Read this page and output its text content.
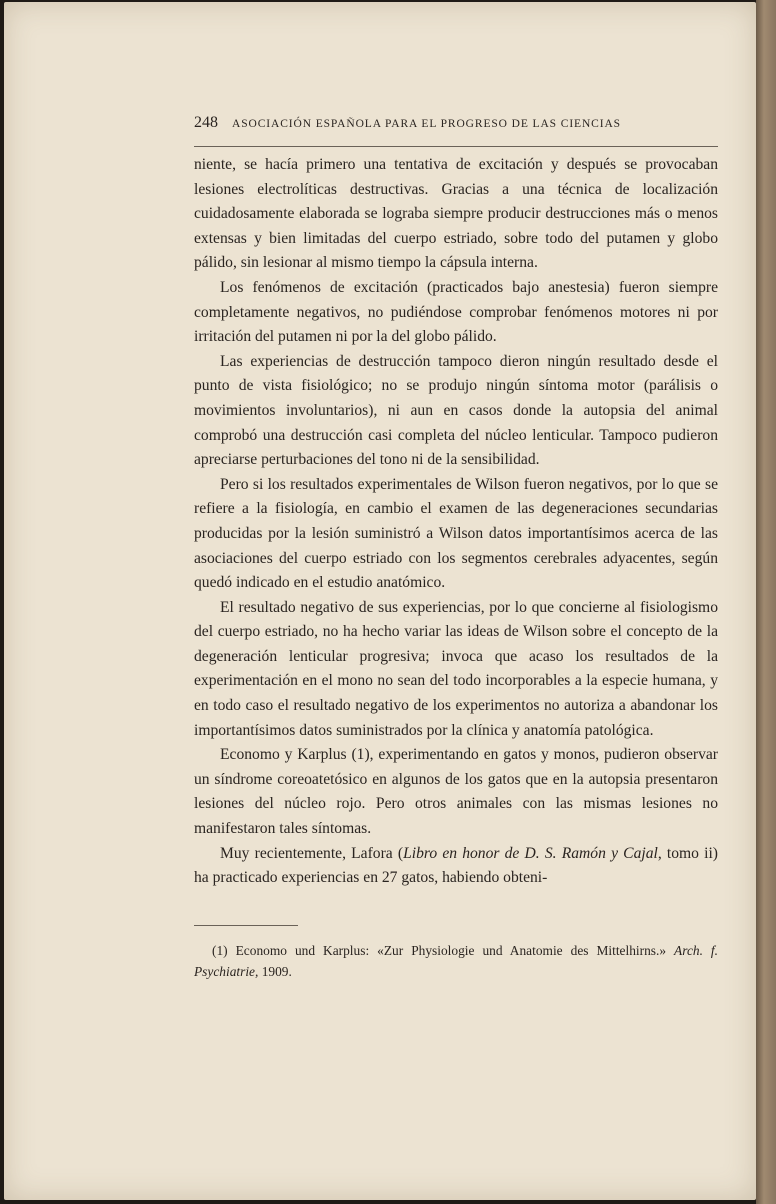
248 ASOCIACIÓN ESPAÑOLA PARA EL PROGRESO DE LAS CIENCIAS

niente, se hacía primero una tentativa de excitación y después se provocaban lesiones electrolíticas destructivas. Gracias a una técnica de localización cuidadosamente elaborada se lograba siempre producir destrucciones más o menos extensas y bien limitadas del cuerpo estriado, sobre todo del putamen y globo pálido, sin lesionar al mismo tiempo la cápsula interna.

Los fenómenos de excitación (practicados bajo anestesia) fueron siempre completamente negativos, no pudiéndose comprobar fenómenos motores ni por irritación del putamen ni por la del globo pálido.

Las experiencias de destrucción tampoco dieron ningún resultado desde el punto de vista fisiológico; no se produjo ningún síntoma motor (parálisis o movimientos involuntarios), ni aun en casos donde la autopsia del animal comprobó una destrucción casi completa del núcleo lenticular. Tampoco pudieron apreciarse perturbaciones del tono ni de la sensibilidad.

Pero si los resultados experimentales de Wilson fueron negativos, por lo que se refiere a la fisiología, en cambio el examen de las degeneraciones secundarias producidas por la lesión suministró a Wilson datos importantísimos acerca de las asociaciones del cuerpo estriado con los segmentos cerebrales adyacentes, según quedó indicado en el estudio anatómico.

El resultado negativo de sus experiencias, por lo que concierne al fisiologismo del cuerpo estriado, no ha hecho variar las ideas de Wilson sobre el concepto de la degeneración lenticular progresiva; invoca que acaso los resultados de la experimentación en el mono no sean del todo incorporables a la especie humana, y en todo caso el resultado negativo de los experimentos no autoriza a abandonar los importantísimos datos suministrados por la clínica y anatomía patológica.

Economo y Karplus (1), experimentando en gatos y monos, pudieron observar un síndrome coreoatetósico en algunos de los gatos que en la autopsia presentaron lesiones del núcleo rojo. Pero otros animales con las mismas lesiones no manifestaron tales síntomas.

Muy recientemente, Lafora (Libro en honor de D. S. Ramón y Cajal, tomo ii) ha practicado experiencias en 27 gatos, habiendo obteni-

(1) Economo und Karplus: «Zur Physiologie und Anatomie des Mittelhirns.» Arch. f. Psychiatrie, 1909.
